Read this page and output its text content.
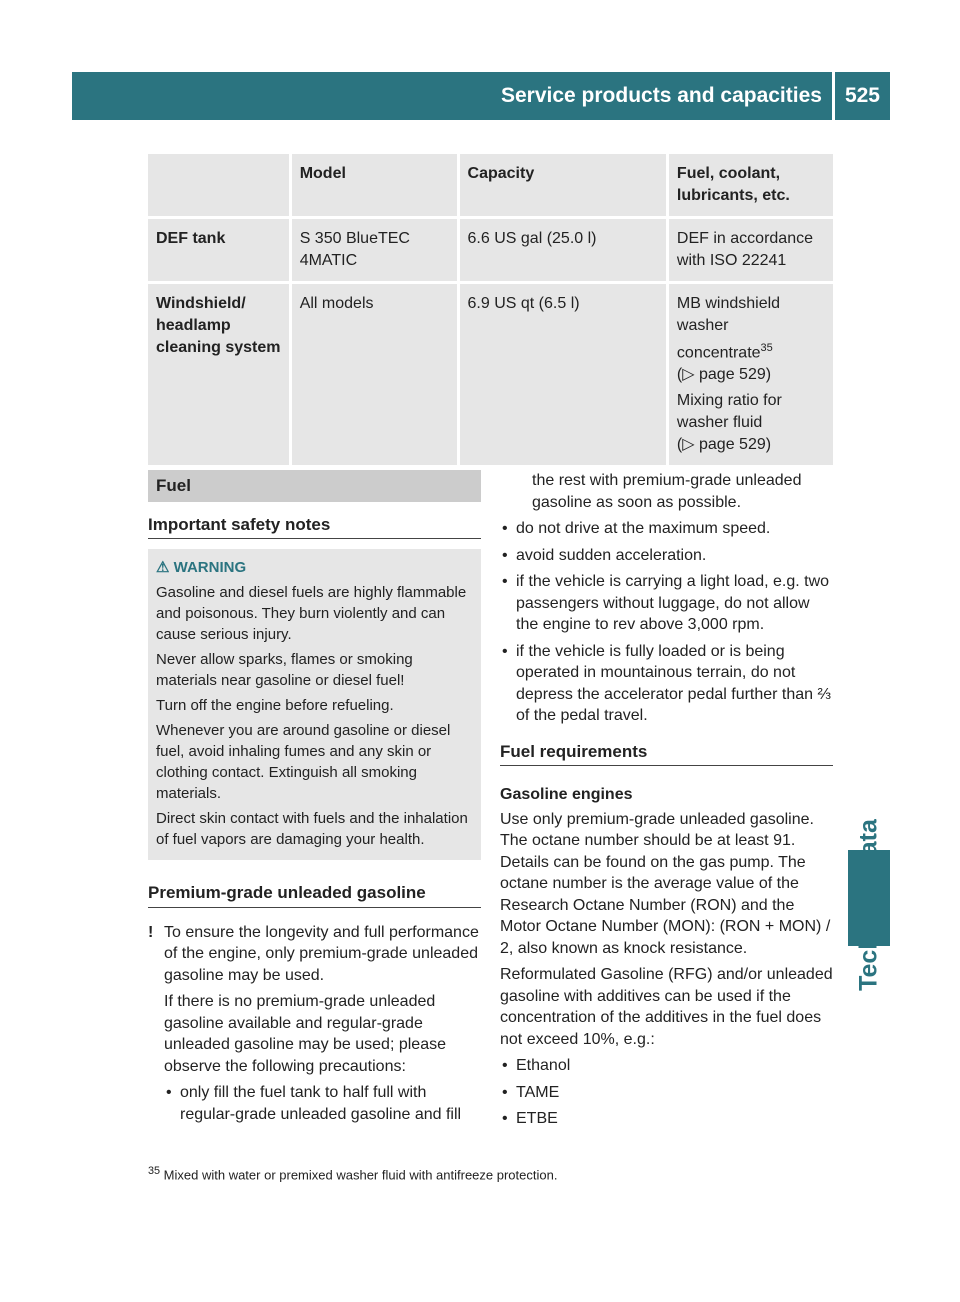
Service products and capacities	525
	Model	Capacity	Fuel, coolant, lubricants, etc.
DEF tank	S 350 BlueTEC 4MATIC	6.6 US gal (25.0 l)	DEF in accordance with ISO 22241
Windshield/ headlamp cleaning system	All models	6.9 US qt (6.5 l)	MB windshield washer concentrate$^{35}$
(▷ page 529)
Mixing ratio for washer fluid
(▷ page 529)
Fuel
Important safety notes
⚠ WARNING

Gasoline and diesel fuels are highly flammable and poisonous. They burn violently and can cause serious injury.

Never allow sparks, flames or smoking materials near gasoline or diesel fuel!

Turn off the engine before refueling.

Whenever you are around gasoline or diesel fuel, avoid inhaling fumes and any skin or clothing contact. Extinguish all smoking materials.

Direct skin contact with fuels and the inhalation of fuel vapors are damaging your health.

Premium-grade unleaded gasoline
! To ensure the longevity and full performance of the engine, only premium-grade unleaded gasoline may be used.

If there is no premium-grade unleaded gasoline available and regular-grade unleaded gasoline may be used; please observe the following precautions:

• only fill the fuel tank to half full with regular-grade unleaded gasoline and fill

the rest with premium-grade unleaded gasoline as soon as possible.

• do not drive at the maximum speed.
• avoid sudden acceleration.
• if the vehicle is carrying a light load, e.g. two passengers without luggage, do not allow the engine to rev above 3,000 rpm.
• if the vehicle is fully loaded or is being operated in mountainous terrain, do not depress the accelerator pedal further than ⅔ of the pedal travel.
Fuel requirements
Gasoline engines

Use only premium-grade unleaded gasoline. The octane number should be at least 91. Details can be found on the gas pump. The octane number is the average value of the Research Octane Number (RON) and the Motor Octane Number (MON): (RON + MON) / 2, also known as knock resistance.

Reformulated Gasoline (RFG) and/or unleaded gasoline with additives can be used if the concentration of the additives in the fuel does not exceed 10%, e.g.:

• Ethanol
• TAME
• ETBE
$^{35}$ Mixed with water or premixed washer fluid with antifreeze protection.
